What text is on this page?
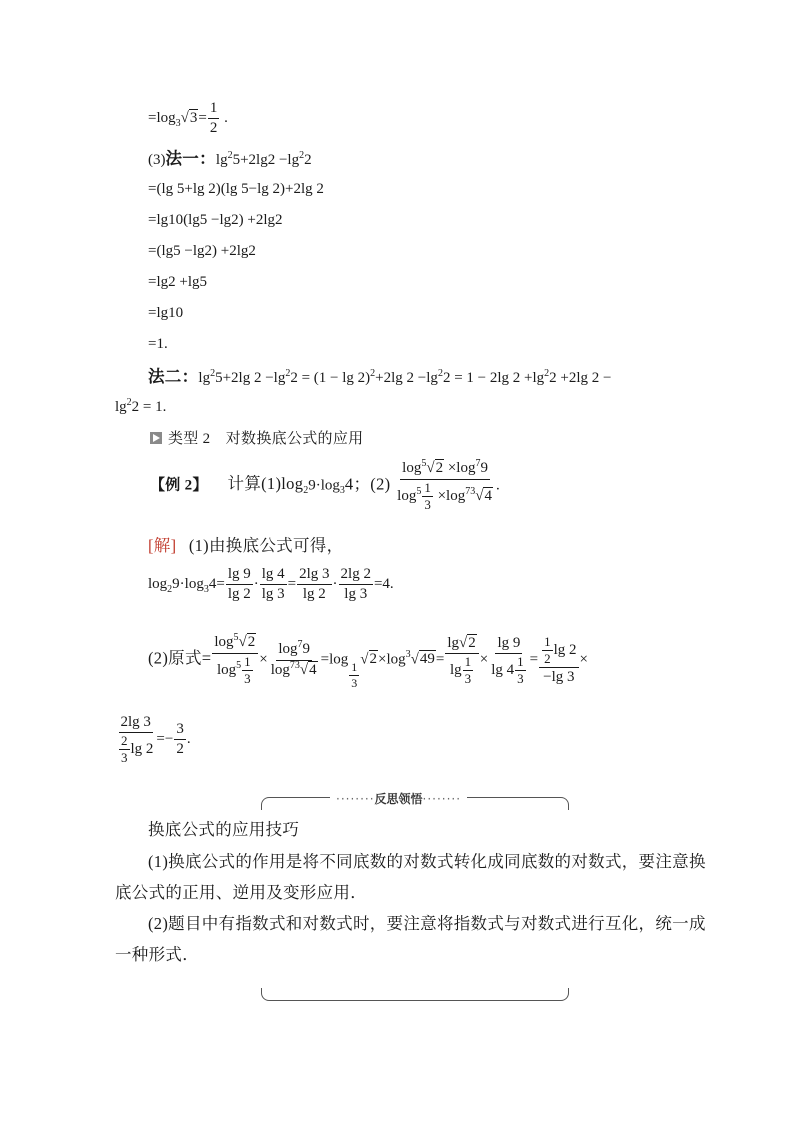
$=\log_3√3= \frac{1}{2}$ .
(3)法一：$\lg^25+2\lg 2 -\lg^22$
=(lg 5+lg 2)(lg 5−lg 2)+2lg 2
=lg10(lg5 −lg2) +2lg2
=(lg5 −lg2) +2lg2
=lg2 +lg5
=lg10
=1.
法二：$\lg^25+2\lg$ $2 -\lg^22 = (1 - \lg 2)^2+2\lg$ $2 -\lg^22 = 1 - 2\lg$ $2 +\lg^22 +2\lg$ 2 −
$\lg^22 = 1$.
类型 2　对数换底公式的应用
【例 2】 计算$(1)\log_29\cdot\log_34$；$(2) \frac{\log^5√2 \times\log^79}{\log^5 \frac{1}{3} \times\log^{73}√4}$ .
[解] (1)由换底公式可得，
$\log_29\cdot\log_34= \frac{\lg 9}{\lg 2} \cdot \frac{\lg 4}{\lg 3} = \frac{2\lg 3}{\lg 2} \cdot \frac{2\lg 2}{\lg 3} =4$.
(2)原式= $\frac{\log^5√2}{\log^5 \frac{1}{3}} \times \frac{\log^79}{\log^{73}√4} =\log$
$\frac{1}{3}$
$√2\times\log^3√49= \frac{\lg√2}{\lg \frac{1}{3}} \times \frac{\lg 9}{\lg 4 \frac{1}{3}} = \frac{\frac{1}{2} \lg 2}{-\lg 3}$ ×
$\frac{2\lg 3}{\frac{2}{3} \lg 2} =- \frac{3}{2}$ .
········反思领悟········
换底公式的应用技巧
(1)换底公式的作用是将不同底数的对数式转化成同底数的对数式，要注意换
底公式的正用、逆用及变形应用．
(2)题目中有指数式和对数式时，要注意将指数式与对数式进行互化，统一成
一种形式．
